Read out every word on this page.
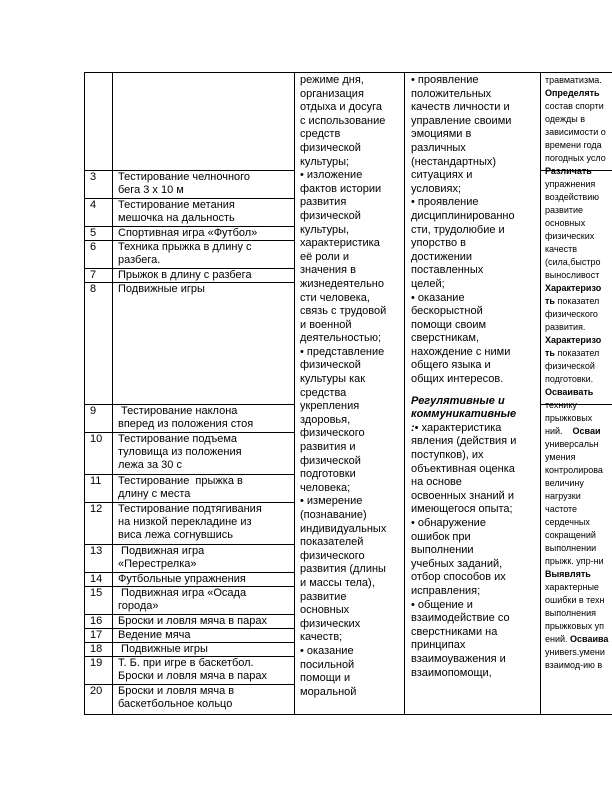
3 Тестирование челночного
бега 3 х 10 м
4 Тестирование метания
мешочка на дальность
5 Спортивная игра «Футбол»
6 Техника прыжка в длину с
разбега.
7 Прыжок в длину с разбега
8 Подвижные игры
9 Тестирование наклона
вперед из положения стоя
10 Тестирование подъема
туловища из положения
лежа за 30 с
11 Тестирование  прыжка в
длину с места
12 Тестирование подтягивания
на низкой перекладине из
виса лежа согнувшись
13 Подвижная игра
«Перестрелка»
14 Футбольные упражнения
15 Подвижная игра «Осада
города»
16 Броски и ловля мяча в парах
17 Ведение мяча
18 Подвижные игры
19 Т. Б. при игре в баскетбол.
Броски и ловля мяча в парах
20 Броски и ловля мяча в
баскетбольное кольцо
режиме дня,
организация
отдыха и досуга
с использование
средств
физической
культуры;
• изложение
фактов истории
развития
физической
культуры,
характеристика
её роли и
значения в
жизнедеятельно
сти человека,
связь с трудовой
и военной
деятельностью;
• представление
физической
культуры как
средства
укрепления
здоровья,
физического
развития и
физической
подготовки
человека;
• измерение
(познавание)
индивидуальных
показателей
физического
развития (длины
и массы тела),
развитие
основных
физических
качеств;
• оказание
посильной
помощи и
моральной
• проявление
положительных
качеств личности и
управление своими
эмоциями в
различных
(нестандартных)
ситуациях и
условиях;
• проявление
дисциплинированно
сти, трудолюбие и
упорство в
достижении
поставленных
целей;
• оказание
бескорыстной
помощи своим
сверстникам,
нахождение с ними
общего языка и
общих интересов.
Регулятивные и
коммуникативные
:• характеристика
явления (действия и
поступков), их
объективная оценка
на основе
освоенных знаний и
имеющегося опыта;
• обнаружение
ошибок при
выполнении
учебных заданий,
отбор способов их
исправления;
• общение и
взаимодействие со
сверстниками на
принципах
взаимоуважения и
взаимопомощи,
травматизма.
Определять
состав спорти
одежды в
зависимости о
времени года
погодных усло
Различать
упражнения
воздействию
развитие
основных
физических
качеств
(сила,быстро
выносливост
Характеризо
ть показател
физического
развития.
Характеризо
ть показател
физической
подготовки.
Осваивать
технику
прыжковых
ний.    Осваи
универсальн
умения
контролирова
величину
нагрузки
частоте
сердечных
сокращений
выполнении
прыжк. упр-ни
Выявлять
характерные
ошибки в техн
выполнения
прыжковых уп
ений. Осваива
унивers.умени
взаимод-ию в
